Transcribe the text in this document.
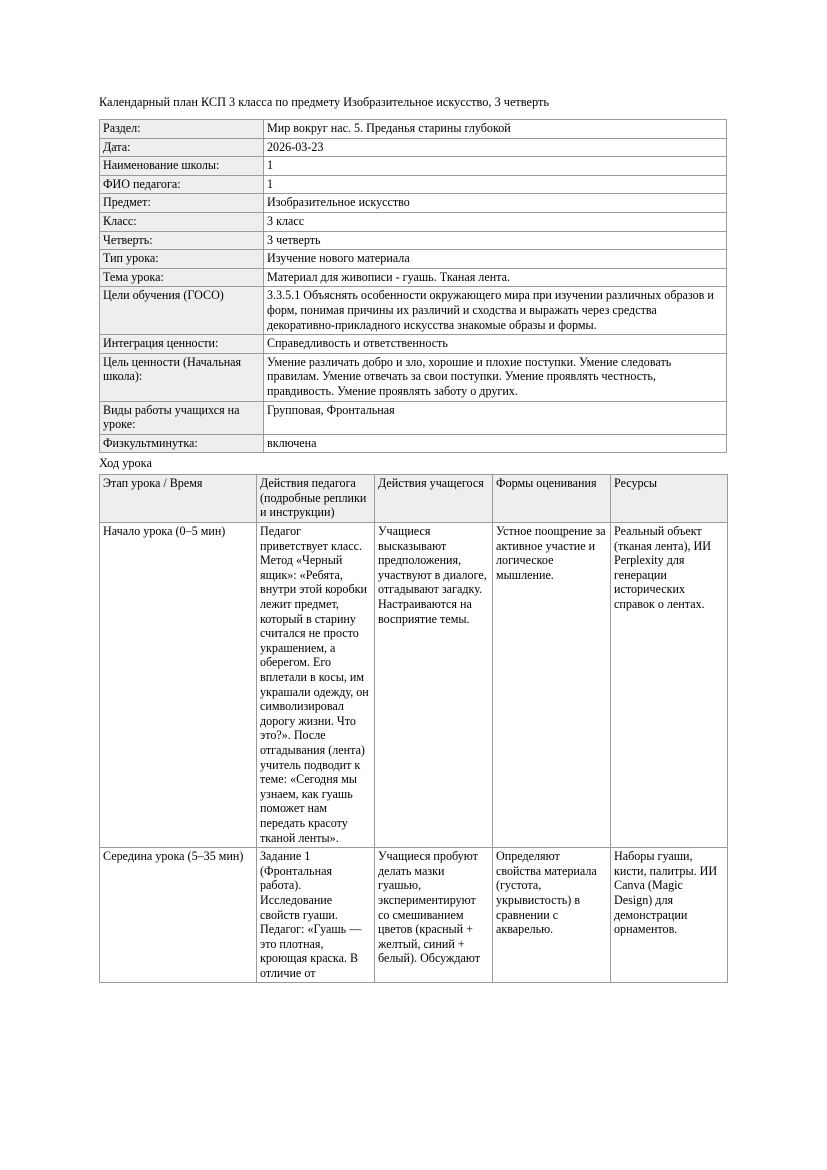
Календарный план КСП 3 класса по предмету Изобразительное искусство, 3 четверть

Раздел:	Мир вокруг нас. 5. Преданья старины глубокой
Дата:	2026-03-23
Наименование школы:	1
ФИО педагога:	1
Предмет:	Изобразительное искусство
Класс:	3 класс
Четверть:	3 четверть
Тип урока:	Изучение нового материала
Тема урока:	Материал для живописи - гуашь. Тканая лента.
Цели обучения (ГОСО)	3.3.5.1 Объяснять особенности окружающего мира при изучении различных образов и форм, понимая причины их различий и сходства и выражать через средства декоративно-прикладного искусства знакомые образы и формы.
Интеграция ценности:	Справедливость и ответственность
Цель ценности (Начальная школа):	Умение различать добро и зло, хорошие и плохие поступки. Умение следовать правилам. Умение отвечать за свои поступки. Умение проявлять честность, правдивость. Умение проявлять заботу о других.
Виды работы учащихся на уроке:	Групповая, Фронтальная
Физкультминутка:	включена

Ход урока

Этап урока / Время	Действия педагога (подробные реплики и инструкции)	Действия учащегося	Формы оценивания	Ресурсы
Начало урока (0–5 мин)	Педагог приветствует класс. Метод «Черный ящик»: «Ребята, внутри этой коробки лежит предмет, который в старину считался не просто украшением, а оберегом. Его вплетали в косы, им украшали одежду, он символизировал дорогу жизни. Что это?». После отгадывания (лента) учитель подводит к теме: «Сегодня мы узнаем, как гуашь поможет нам передать красоту тканой ленты».	Учащиеся высказывают предположения, участвуют в диалоге, отгадывают загадку. Настраиваются на восприятие темы.	Устное поощрение за активное участие и логическое мышление.	Реальный объект (тканая лента), ИИ Perplexity для генерации исторических справок о лентах.
Середина урока (5–35 мин)	Задание 1 (Фронтальная работа). Исследование свойств гуаши. Педагог: «Гуашь — это плотная, кроющая краска. В отличие от	Учащиеся пробуют делать мазки гуашью, экспериментируют со смешиванием цветов (красный + желтый, синий + белый). Обсуждают	Определяют свойства материала (густота, укрывистость) в сравнении с акварелью.	Наборы гуаши, кисти, палитры. ИИ Canva (Magic Design) для демонстрации орнаментов.
